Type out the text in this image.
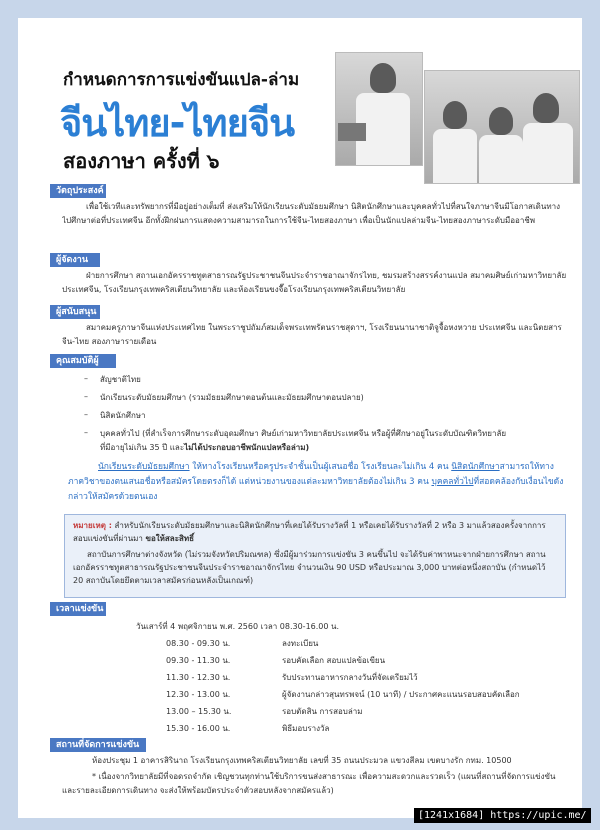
กำหนดการการแข่งขันแปล-ล่าม
จีนไทย-ไทยจีน
สองภาษา ครั้งที่ ๖
วัตถุประสงค์
เพื่อใช้เวทีและทรัพยากรที่มีอยู่อย่างเต็มที่ ส่งเสริมให้นักเรียนระดับมัธยมศึกษา นิสิตนักศึกษาและบุคคลทั่วไปที่สนใจภาษาจีนมีโอกาสเดินทางไปศึกษาต่อที่ประเทศจีน อีกทั้งฝึกฝนการแสดงความสามารถในการใช้จีน-ไทยสองภาษา เพื่อเป็นนักแปลล่ามจีน-ไทยสองภาษาระดับมืออาชีพ
ผู้จัดงาน
ฝ่ายการศึกษา สถานเอกอัครราชทูตสาธารณรัฐประชาชนจีนประจำราชอาณาจักรไทย, ชมรมสร้างสรรค์งานแปล สมาคมศิษย์เก่ามหาวิทยาลัยประเทศจีน, โรงเรียนกรุงเทพคริสเตียนวิทยาลัย และห้องเรียนขงจื๊อโรงเรียนกรุงเทพคริสเตียนวิทยาลัย
ผู้สนับสนุน
สมาคมครูภาษาจีนแห่งประเทศไทย ในพระราชูปถัมภ์สมเด็จพระเทพรัตนราชสุดาฯ, โรงเรียนนานาชาติจูจื้อหงหวาย ประเทศจีน และนิตยสารจีน-ไทย สองภาษารายเดือน
คุณสมบัติผู้สมัคร – สัญชาติไทย
– นักเรียนระดับมัธยมศึกษา (รวมมัธยมศึกษาตอนต้นและมัธยมศึกษาตอนปลาย)
– นิสิตนักศึกษา
– บุคคลทั่วไป (ที่สำเร็จการศึกษาระดับอุดมศึกษา ศิษย์เก่ามหาวิทยาลัยประเทศจีน หรือผู้ที่ศึกษาอยู่ในระดับบัณฑิตวิทยาลัย
ที่มีอายุไม่เกิน 35 ปี และไม่ได้ประกอบอาชีพนักแปลหรือล่าม)
นักเรียนระดับมัธยมศึกษา ให้ทางโรงเรียนหรือครูประจำชั้นเป็นผู้เสนอชื่อ โรงเรียนละไม่เกิน 4 คน นิสิตนักศึกษาสามารถให้ทางภาควิชาของตนเสนอชื่อหรือสมัครโดยตรงก็ได้ แต่หน่วยงานของแต่ละมหาวิทยาลัยต้องไม่เกิน 3 คน บุคคลทั่วไปที่สอดคล้องกับเงื่อนไขดังกล่าวให้สมัครด้วยตนเอง
หมายเหตุ : สำหรับนักเรียนระดับมัธยมศึกษาและนิสิตนักศึกษาที่เคยได้รับรางวัลที่ 1 หรือเคยได้รับรางวัลที่ 2 หรือ 3 มาแล้วสองครั้งจากการสอบแข่งขันที่ผ่านมา ขอให้สละสิทธิ์
สถาบันการศึกษาต่างจังหวัด (ไม่รวมจังหวัดปริมณฑล) ซึ่งมีผู้มาร่วมการแข่งขัน 3 คนขึ้นไป จะได้รับค่าพาหนะจากฝ่ายการศึกษา สถานเอกอัครราชทูตสาธารณรัฐประชาชนจีนประจำราชอาณาจักรไทย จำนวนเงิน 90 USD หรือประมาณ 3,000 บาทต่อหนึ่งสถาบัน (กำหนดไว้ 20 สถาบันโดยยึดตามเวลาสมัครก่อนหลังเป็นเกณฑ์)
เวลาแข่งขัน
วันเสาร์ที่ 4 พฤศจิกายน พ.ศ. 2560 เวลา 08.30-16.00 น.
08.30 - 09.30 น.	ลงทะเบียน
09.30 - 11.30 น.	รอบคัดเลือก สอบแปลข้อเขียน
11.30 - 12.30 น.	รับประทานอาหารกลางวันที่จัดเตรียมไว้
12.30 - 13.00 น.	ผู้จัดงานกล่าวสุนทรพจน์ (10 นาที) / ประกาศคะแนนรอบสอบคัดเลือก
13.00 – 15.30 น.	รอบตัดสิน การสอบล่าม
15.30 - 16.00 น.	พิธีมอบรางวัล
สถานที่จัดการแข่งขัน
ห้องประชุม 1 อาคารสิรินาถ โรงเรียนกรุงเทพคริสเตียนวิทยาลัย เลขที่ 35 ถนนประมวล แขวงสีลม เขตบางรัก กทม. 10500
* เนื่องจากวิทยาลัยมีที่จอดรถจำกัด เชิญชวนทุกท่านใช้บริการขนส่งสาธารณะ เพื่อความสะดวกและรวดเร็ว (แผนที่สถานที่จัดการแข่งขันและรายละเอียดการเดินทาง จะส่งให้พร้อมบัตรประจำตัวสอบหลังจากสมัครแล้ว)
[1241x1684] https://upic.me/
